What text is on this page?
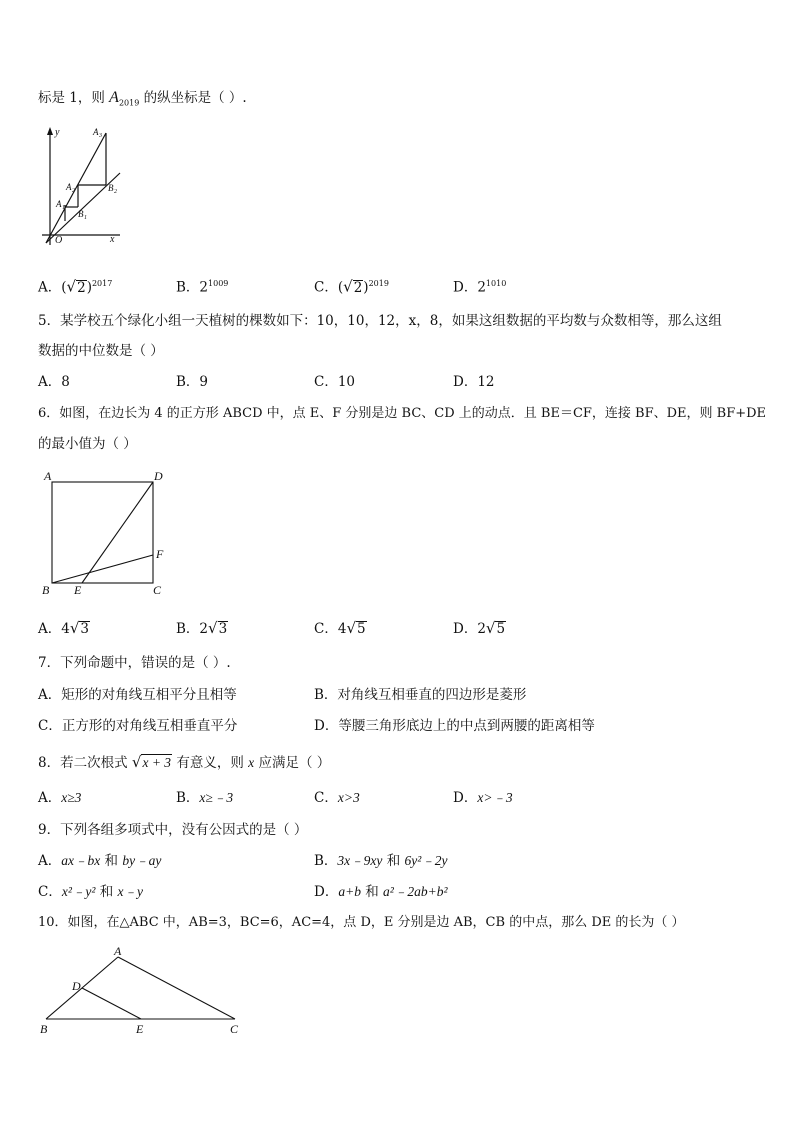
标是 1，则 $A_{2019}$ 的纵坐标是（ ）.
y
x
O
A 1
A 2
A 3
B 1
B 2
A．$(√2)^{2017}$	B．$2^{1009}$	C．$(√2)^{2019}$	D．$2^{1010}$
5．某学校五个绿化小组一天植树的棵数如下：10，10，12，x，8，如果这组数据的平均数与众数相等，那么这组
数据的中位数是（ ）
A．8	B．9	C．10	D．12
6．如图，在边长为 4 的正方形 ABCD 中，点 E、F 分别是边 BC、CD 上的动点．且 BE＝CF，连接 BF、DE，则 BF+DE
的最小值为（ ）
A	D
F
B E	C
A．4√3	B．2√3	C．4√5	D．2√5
7．下列命题中，错误的是（ ）.
A．矩形的对角线互相平分且相等	B．对角线互相垂直的四边形是菱形
C．正方形的对角线互相垂直平分	D．等腰三角形底边上的中点到两腰的距离相等
8．若二次根式 √x + 3 有意义，则 x 应满足（ ）
A．x≥3	B．x≥﹣3	C．x>3	D．x>﹣3
9．下列各组多项式中，没有公因式的是（ ）
A．ax﹣bx 和 by﹣ay	B．3x﹣9xy 和 6y²﹣2y
C．x²﹣y² 和 x﹣y	D．a+b 和 a²﹣2ab+b²
10．如图，在△ABC 中，AB=3，BC=6，AC=4，点 D，E 分别是边 AB，CB 的中点，那么 DE 的长为（ ）
A
D
B	E	C
